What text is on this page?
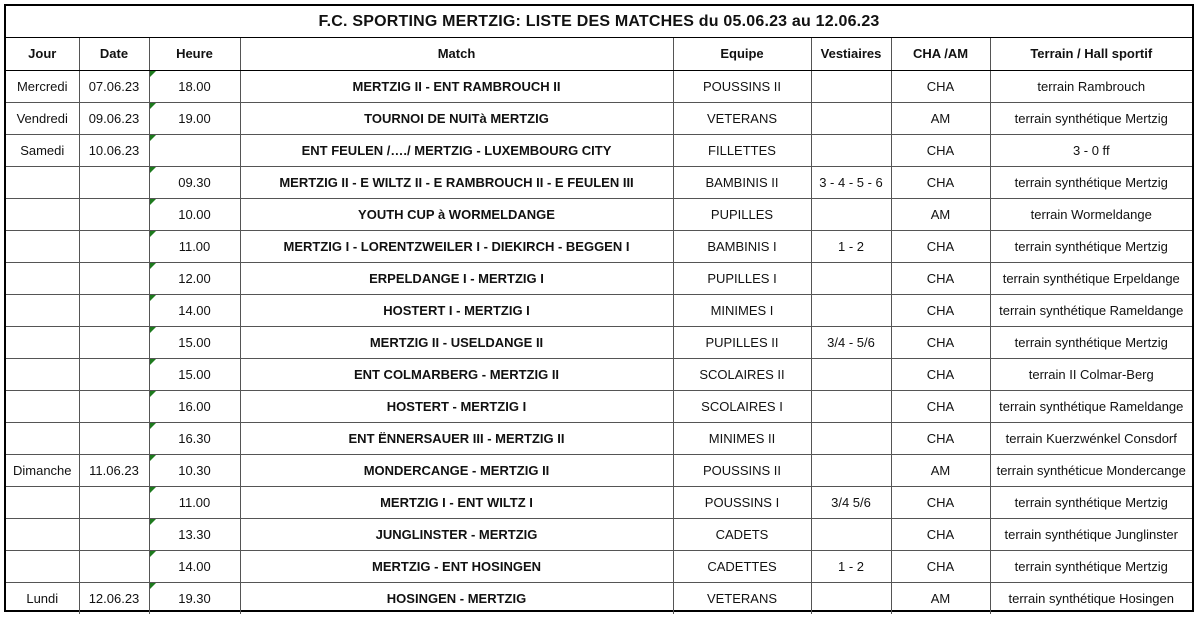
F.C. SPORTING MERTZIG: LISTE DES MATCHES du 05.06.23 au 12.06.23
Jour	Date	Heure	Match	Equipe	Vestiaires	CHA /AM	Terrain / Hall sportif
Mercredi	07.06.23	18.00	MERTZIG II - ENT RAMBROUCH II	POUSSINS II		CHA	terrain Rambrouch
Vendredi	09.06.23	19.00	TOURNOI DE NUITà MERTZIG	VETERANS		AM	terrain synthétique Mertzig
Samedi	10.06.23		ENT FEULEN /…./ MERTZIG - LUXEMBOURG CITY	FILLETTES		CHA	3 - 0 ff
		09.30	MERTZIG II - E WILTZ II - E RAMBROUCH II - E FEULEN III	BAMBINIS II	3 - 4 - 5 - 6	CHA	terrain synthétique Mertzig
		10.00	YOUTH CUP à WORMELDANGE	PUPILLES		AM	terrain Wormeldange
		11.00	MERTZIG I - LORENTZWEILER I - DIEKIRCH - BEGGEN I	BAMBINIS I	1 - 2	CHA	terrain synthétique Mertzig
		12.00	ERPELDANGE I - MERTZIG I	PUPILLES I		CHA	terrain synthétique Erpeldange
		14.00	HOSTERT I - MERTZIG I	MINIMES I		CHA	terrain synthétique Rameldange
		15.00	MERTZIG II - USELDANGE II	PUPILLES II	3/4 - 5/6	CHA	terrain synthétique Mertzig
		15.00	ENT COLMARBERG - MERTZIG II	SCOLAIRES II		CHA	terrain II Colmar-Berg
		16.00	HOSTERT - MERTZIG I	SCOLAIRES I		CHA	terrain synthétique Rameldange
		16.30	ENT ËNNERSAUER III - MERTZIG II	MINIMES II		CHA	terrain Kuerzwénkel Consdorf
Dimanche	11.06.23	10.30	MONDERCANGE - MERTZIG II	POUSSINS II		AM	terrain synthéticue Mondercange
		11.00	MERTZIG I - ENT WILTZ I	POUSSINS I	3/4 5/6	CHA	terrain synthétique Mertzig
		13.30	JUNGLINSTER - MERTZIG	CADETS		CHA	terrain synthétique Junglinster
		14.00	MERTZIG - ENT HOSINGEN	CADETTES	1 - 2	CHA	terrain synthétique Mertzig
Lundi	12.06.23	19.30	HOSINGEN - MERTZIG	VETERANS		AM	terrain synthétique Hosingen
